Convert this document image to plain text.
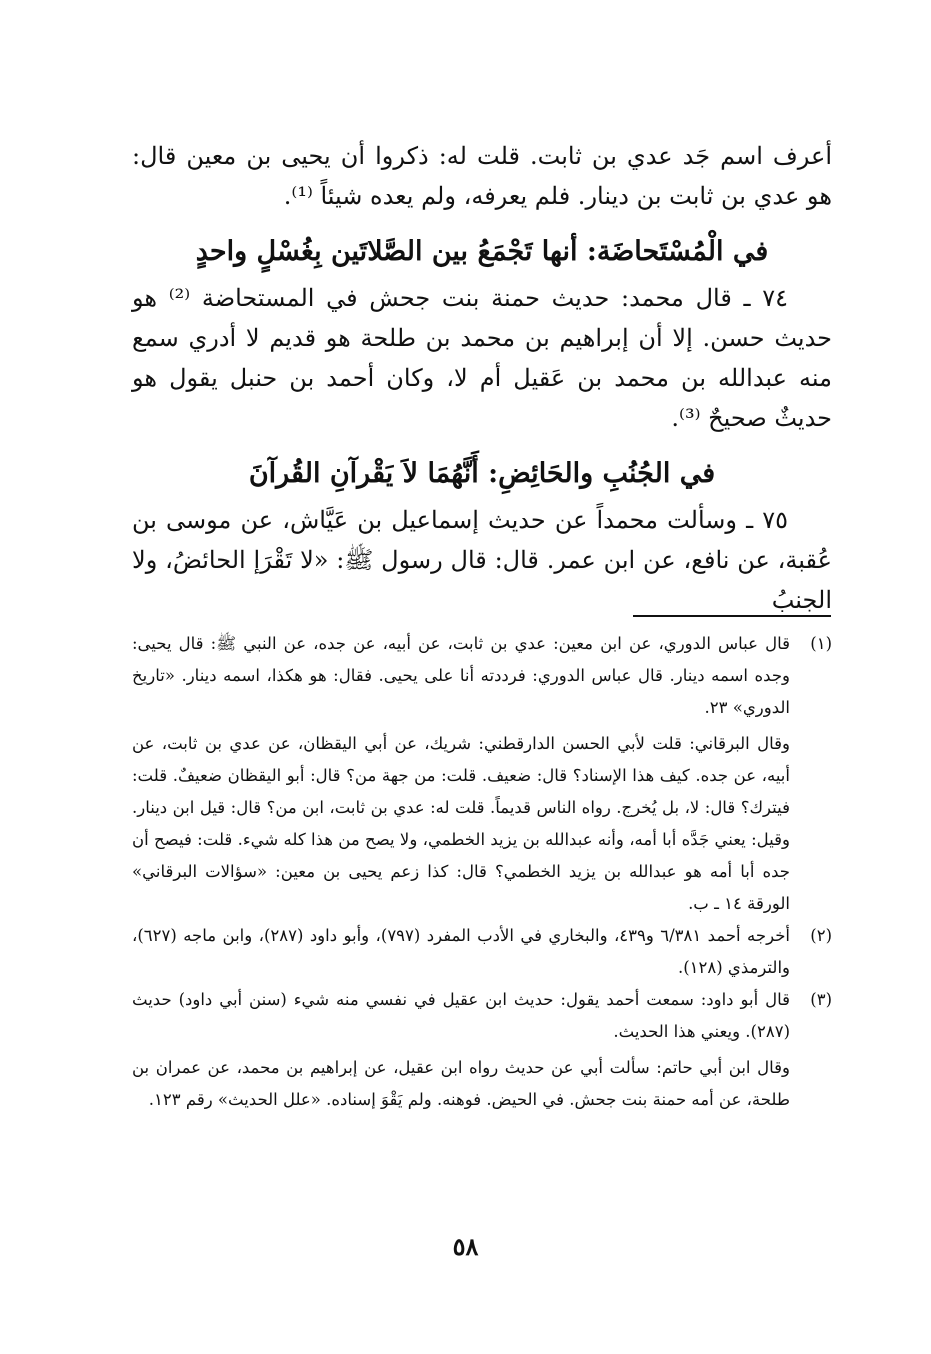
أعرف اسم جَد عدي بن ثابت. قلت له: ذكروا أن يحيى بن معين قال: هو عدي بن ثابت بن دينار. فلم يعرفه، ولم يعده شيئاً ⁽¹⁾.

في الْمُسْتَحاضَة: أنها تَجْمَعُ بين الصَّلاتَين بِغُسْلٍ واحدٍ

٧٤ ـ قال محمد: حديث حمنة بنت جحش في المستحاضة ⁽²⁾ هو حديث حسن. إلا أن إبراهيم بن محمد بن طلحة هو قديم لا أدري سمع منه عبدالله بن محمد بن عَقيل أم لا، وكان أحمد بن حنبل يقول هو حديثٌ صحيحٌ ⁽³⁾.

في الجُنُبِ والحَائِضِ: أَنَّهُمَا لاَ يَقْرآنِ القُرآنَ

٧٥ ـ وسألت محمداً عن حديث إسماعيل بن عَيَّاش، عن موسى بن عُقبة، عن نافع، عن ابن عمر. قال: قال رسول ﷺ: «لا تَقْرَإ الحائضُ، ولا الجنبُ

(١)
قال عباس الدوري، عن ابن معين: عدي بن ثابت، عن أبيه، عن جده، عن النبي ﷺ: قال يحيى: وجده اسمه دينار. قال عباس الدوري: فرددته أنا على يحيى. فقال: هو هكذا، اسمه دينار. «تاريخ الدوري» ٢٣.

وقال البرقاني: قلت لأبي الحسن الدارقطني: شريك، عن أبي اليقظان، عن عدي بن ثابت، عن أبيه، عن جده. كيف هذا الإسناد؟ قال: ضعيف. قلت: من جهة من؟ قال: أبو اليقظان ضعيفٌ. قلت: فيترك؟ قال: لا، بل يُخرج. رواه الناس قديماً. قلت له: عدي بن ثابت، ابن من؟ قال: قيل ابن دينار. وقيل: يعني جَدَّه أبا أمه، وأنه عبدالله بن يزيد الخطمي، ولا يصح من هذا كله شيء. قلت: فيصح أن جده أبا أمه هو عبدالله بن يزيد الخطمي؟ قال: كذا زعم يحيى بن معين: «سؤالات البرقاني» الورقة ١٤ ـ ب.

(٢)
أخرجه أحمد ٦/٣٨١ و٤٣٩، والبخاري في الأدب المفرد (٧٩٧)، وأبو داود (٢٨٧)، وابن ماجه (٦٢٧)، والترمذي (١٢٨).
(٣)
قال أبو داود: سمعت أحمد يقول: حديث ابن عقيل في نفسي منه شيء (سنن أبي داود) حديث (٢٨٧). ويعني هذا الحديث.

وقال ابن أبي حاتم: سألت أبي عن حديث رواه ابن عقيل، عن إبراهيم بن محمد، عن عمران بن طلحة، عن أمه حمنة بنت جحش. في الحيض. فوهنه. ولم يَقْوَ إسناده. «علل الحديث» رقم ١٢٣.

٥٨
